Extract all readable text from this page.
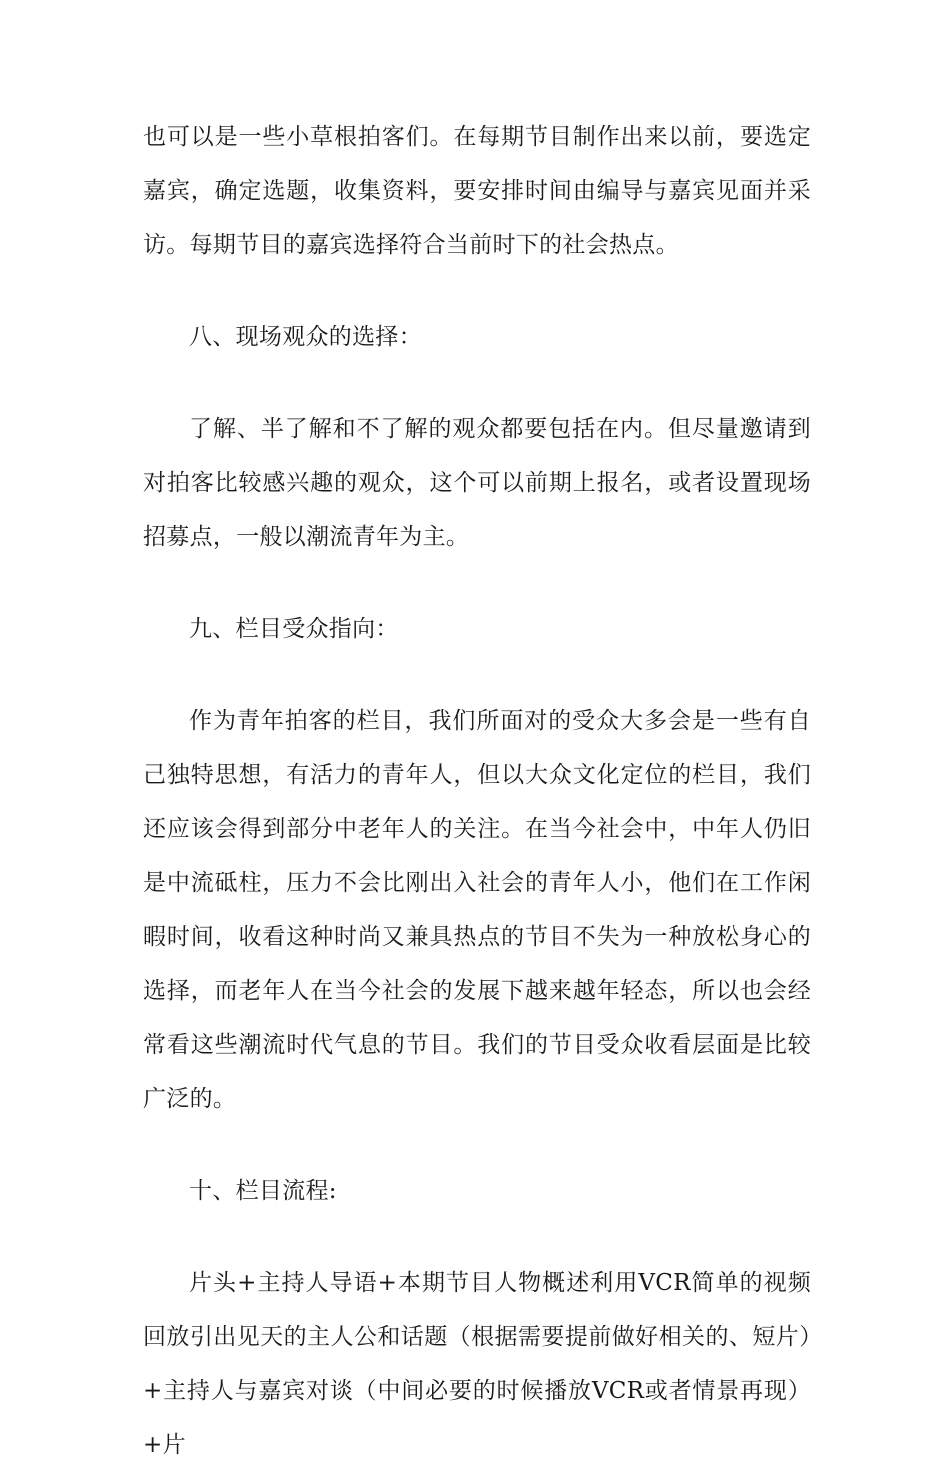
也可以是一些小草根拍客们。在每期节目制作出来以前，要选定嘉宾，确定选题，收集资料，要安排时间由编导与嘉宾见面并采访。每期节目的嘉宾选择符合当前时下的社会热点。

八、现场观众的选择：

了解、半了解和不了解的观众都要包括在内。但尽量邀请到对拍客比较感兴趣的观众，这个可以前期上报名，或者设置现场招募点，一般以潮流青年为主。

九、栏目受众指向：

作为青年拍客的栏目，我们所面对的受众大多会是一些有自己独特思想，有活力的青年人，但以大众文化定位的栏目，我们还应该会得到部分中老年人的关注。在当今社会中，中年人仍旧是中流砥柱，压力不会比刚出入社会的青年人小，他们在工作闲暇时间，收看这种时尚又兼具热点的节目不失为一种放松身心的选择，而老年人在当今社会的发展下越来越年轻态，所以也会经常看这些潮流时代气息的节目。我们的节目受众收看层面是比较广泛的。

十、栏目流程:

片头+主持人导语+本期节目人物概述利用VCR简单的视频回放引出见天的主人公和话题（根据需要提前做好相关的、短片）+主持人与嘉宾对谈（中间必要的时候播放VCR或者情景再现）+片
